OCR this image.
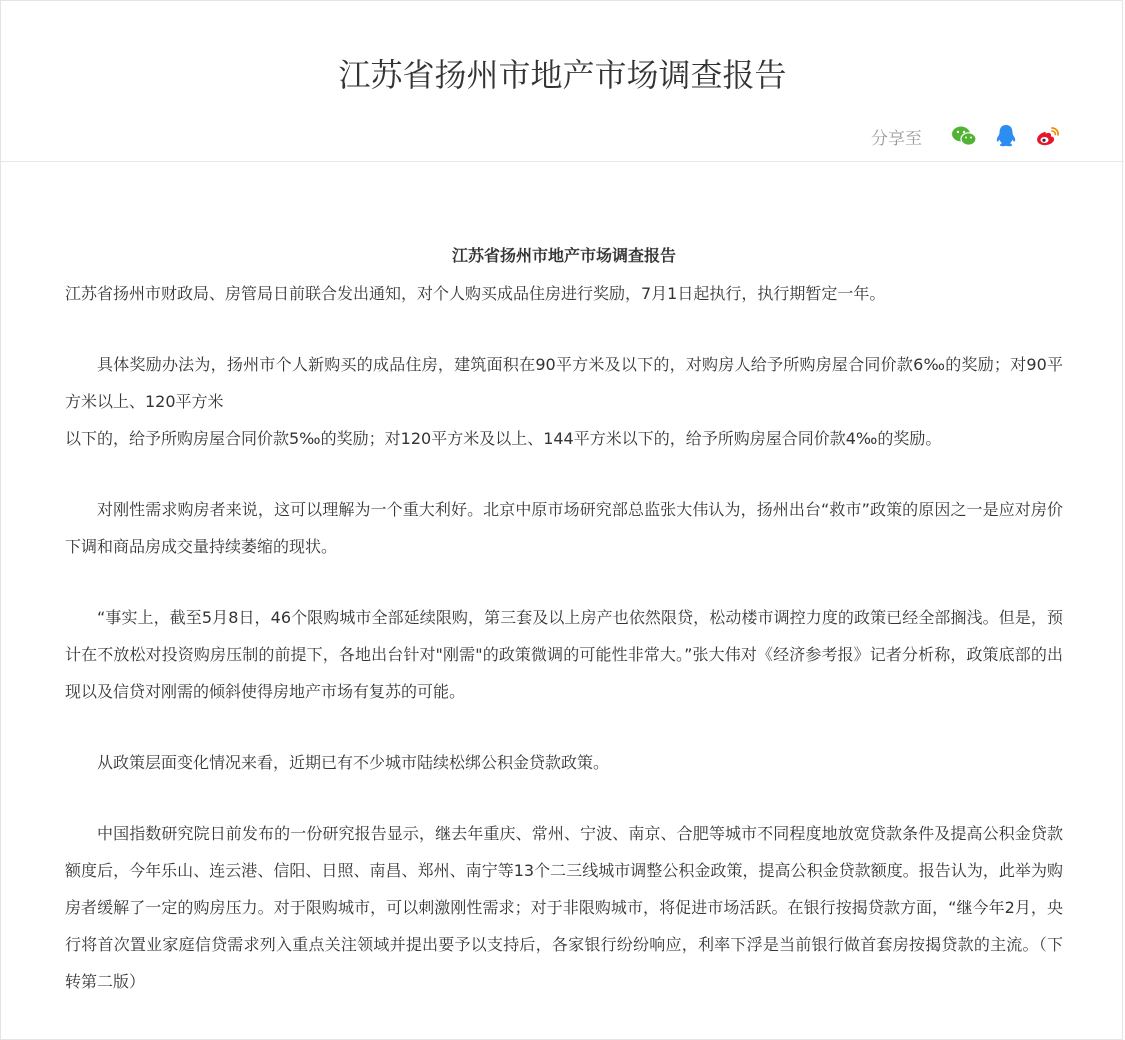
江苏省扬州市地产市场调查报告
分享至
江苏省扬州市地产市场调查报告

江苏省扬州市财政局、房管局日前联合发出通知，对个人购买成品住房进行奖励，7月1日起执行，执行期暂定一年。

具体奖励办法为，扬州市个人新购买的成品住房，建筑面积在90平方米及以下的，对购房人给予所购房屋合同价款6‰的奖励；对90平方米以上、120平方米

以下的，给予所购房屋合同价款5‰的奖励；对120平方米及以上、144平方米以下的，给予所购房屋合同价款4‰的奖励。

对刚性需求购房者来说，这可以理解为一个重大利好。北京中原市场研究部总监张大伟认为，扬州出台“救市”政策的原因之一是应对房价下调和商品房成交量持续萎缩的现状。

“事实上，截至5月8日，46个限购城市全部延续限购，第三套及以上房产也依然限贷，松动楼市调控力度的政策已经全部搁浅。但是，预计在不放松对投资购房压制的前提下，各地出台针对"刚需"的政策微调的可能性非常大。”张大伟对《经济参考报》记者分析称，政策底部的出现以及信贷对刚需的倾斜使得房地产市场有复苏的可能。

从政策层面变化情况来看，近期已有不少城市陆续松绑公积金贷款政策。

中国指数研究院日前发布的一份研究报告显示，继去年重庆、常州、宁波、南京、合肥等城市不同程度地放宽贷款条件及提高公积金贷款额度后，今年乐山、连云港、信阳、日照、南昌、郑州、南宁等13个二三线城市调整公积金政策，提高公积金贷款额度。报告认为，此举为购房者缓解了一定的购房压力。对于限购城市，可以刺激刚性需求；对于非限购城市，将促进市场活跃。在银行按揭贷款方面，“继今年2月，央行将首次置业家庭信贷需求列入重点关注领域并提出要予以支持后，各家银行纷纷响应，利率下浮是当前银行做首套房按揭贷款的主流。（下转第二版）
